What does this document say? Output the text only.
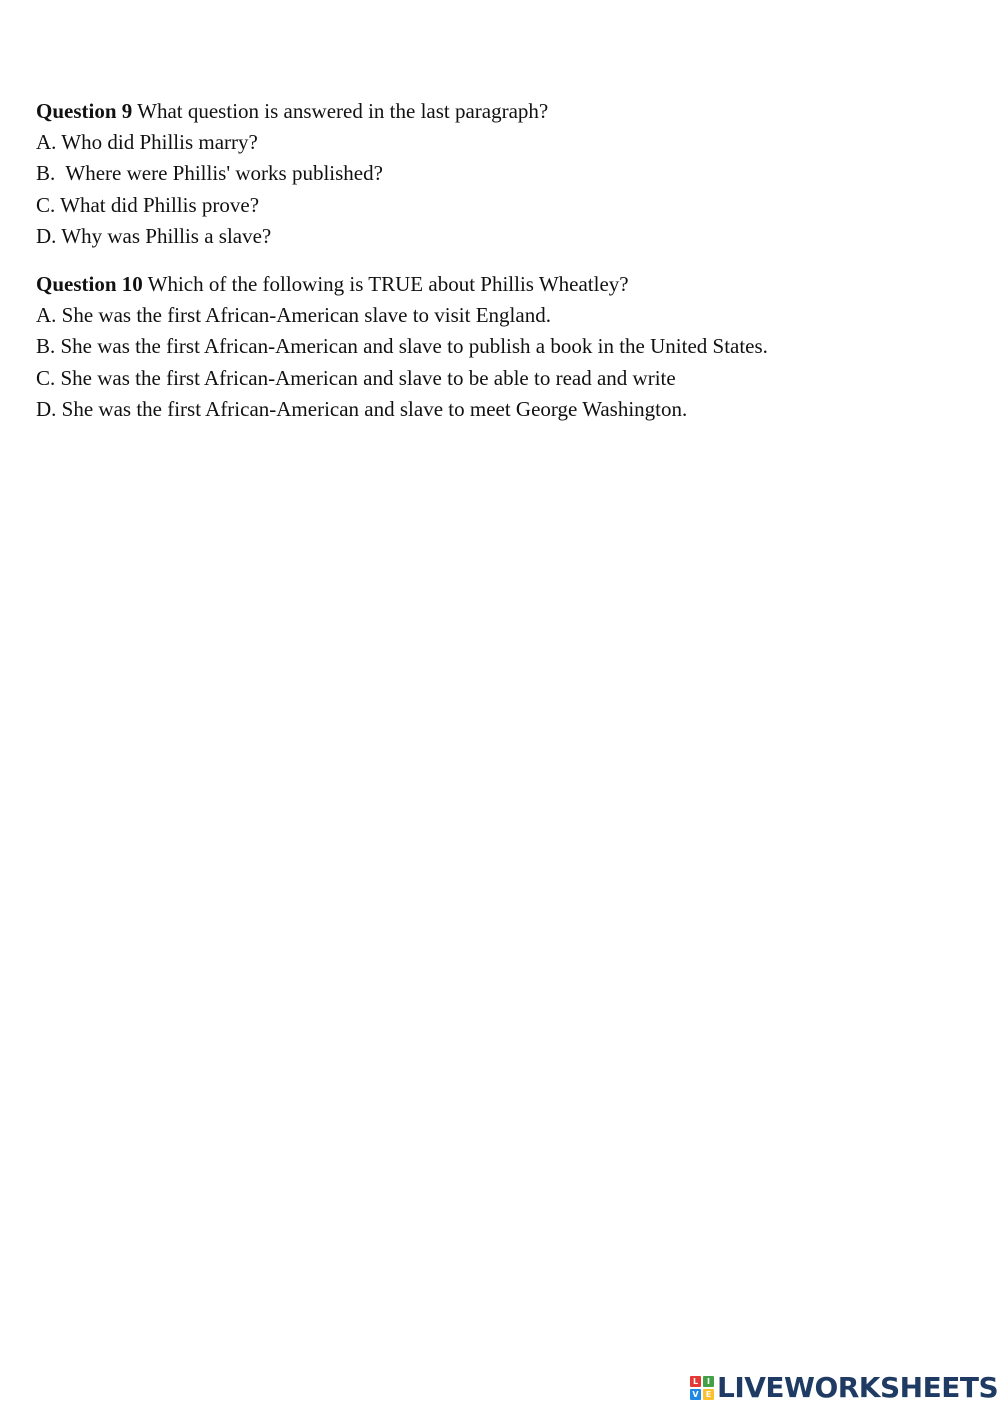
Question 9 What question is answered in the last paragraph?
A. Who did Phillis marry?
B.  Where were Phillis' works published?
C. What did Phillis prove?
D. Why was Phillis a slave?
Question 10 Which of the following is TRUE about Phillis Wheatley?
A. She was the first African-American slave to visit England.
B. She was the first African-American and slave to publish a book in the United States.
C. She was the first African-American and slave to be able to read and write
D. She was the first African-American and slave to meet George Washington.
L	I
V E LIVEWORKSHEETS
